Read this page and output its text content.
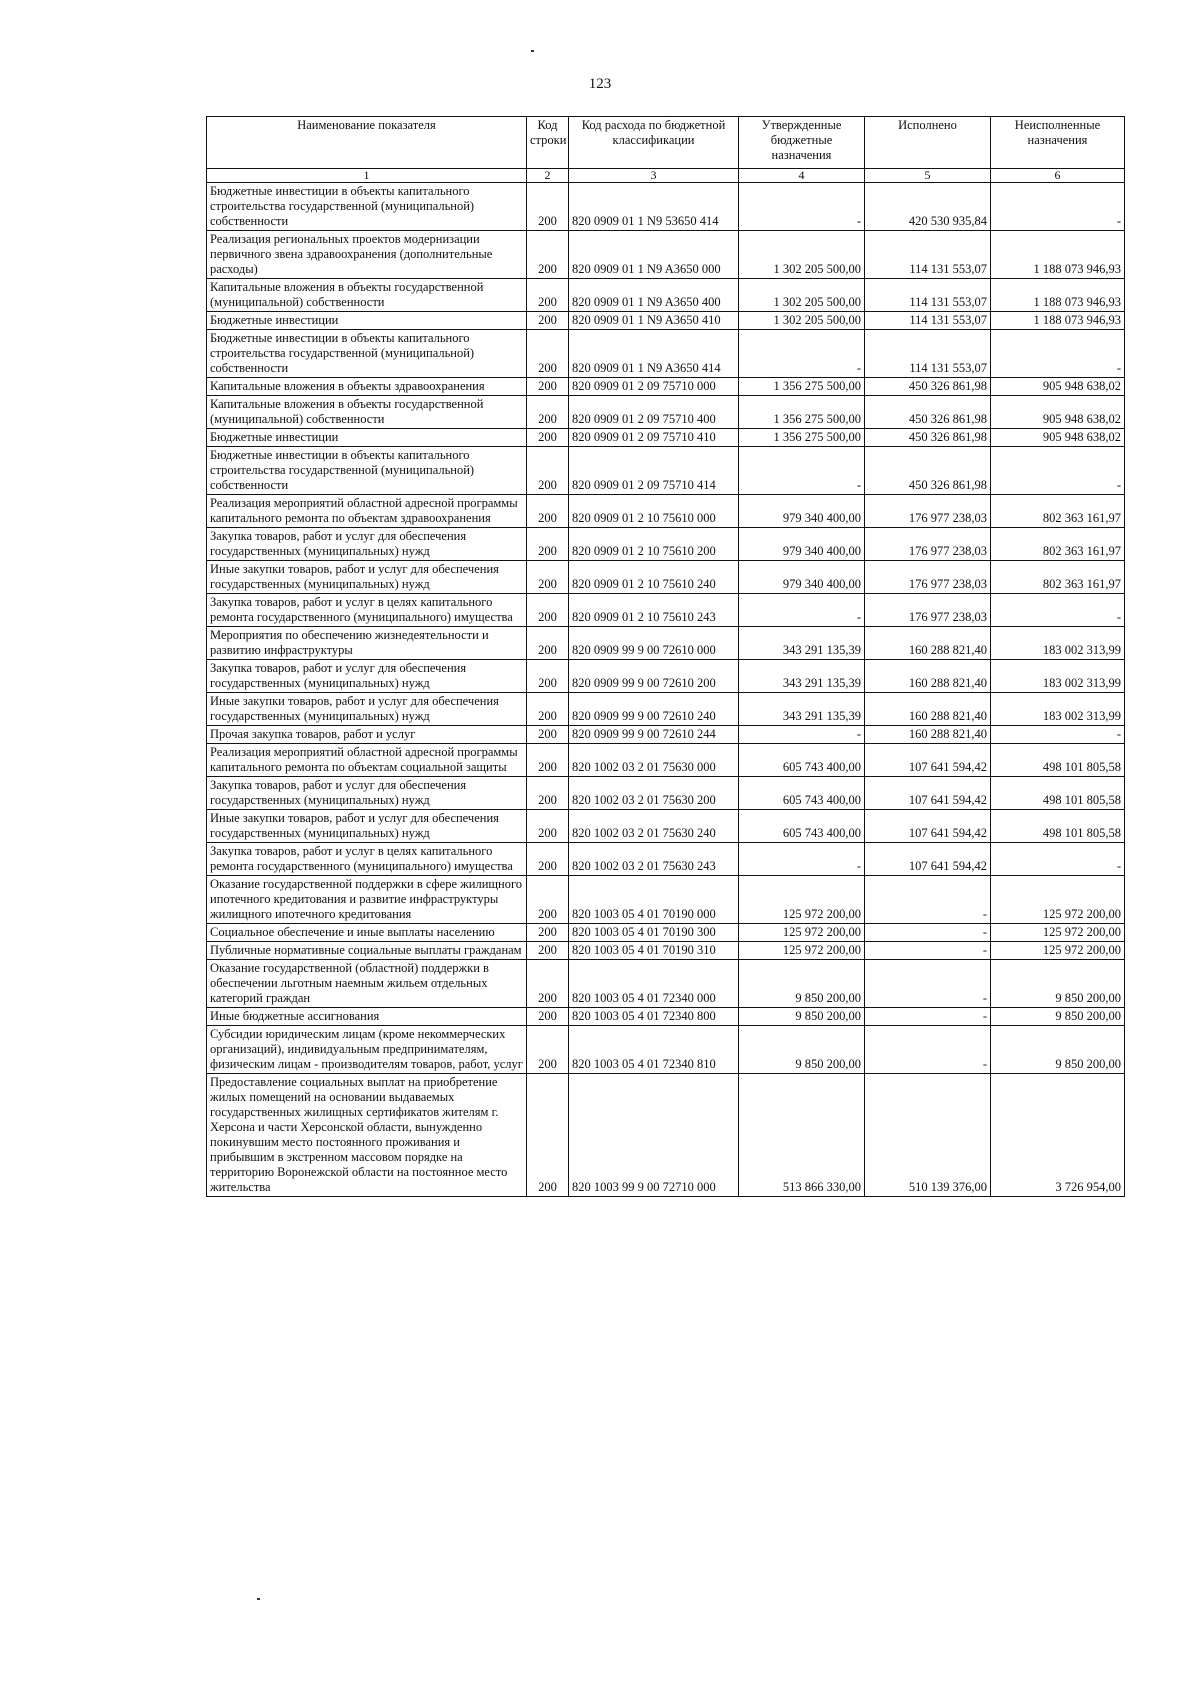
123
Наименование показателя	Код строки	Код расхода по бюджетной классификации	Утвержденные бюджетные назначения	Исполнено	Неисполненные назначения
1	2	3	4	5	6
Бюджетные инвестиции в объекты капитального строительства государственной (муниципальной) собственности	200	820 0909 01 1 N9 53650 414	-	420 530 935,84	-
Реализация региональных проектов модернизации первичного звена здравоохранения (дополнительные расходы)	200	820 0909 01 1 N9 A3650 000	1 302 205 500,00	114 131 553,07	1 188 073 946,93
Капитальные вложения в объекты государственной (муниципальной) собственности	200	820 0909 01 1 N9 A3650 400	1 302 205 500,00	114 131 553,07	1 188 073 946,93
Бюджетные инвестиции	200	820 0909 01 1 N9 A3650 410	1 302 205 500,00	114 131 553,07	1 188 073 946,93
Бюджетные инвестиции в объекты капитального строительства государственной (муниципальной) собственности	200	820 0909 01 1 N9 A3650 414	-	114 131 553,07	-
Капитальные вложения в объекты здравоохранения	200	820 0909 01 2 09 75710 000	1 356 275 500,00	450 326 861,98	905 948 638,02
Капитальные вложения в объекты государственной (муниципальной) собственности	200	820 0909 01 2 09 75710 400	1 356 275 500,00	450 326 861,98	905 948 638,02
Бюджетные инвестиции	200	820 0909 01 2 09 75710 410	1 356 275 500,00	450 326 861,98	905 948 638,02
Бюджетные инвестиции в объекты капитального строительства государственной (муниципальной) собственности	200	820 0909 01 2 09 75710 414	-	450 326 861,98	-
Реализация мероприятий областной адресной программы капитального ремонта по объектам здравоохранения	200	820 0909 01 2 10 75610 000	979 340 400,00	176 977 238,03	802 363 161,97
Закупка товаров, работ и услуг для обеспечения государственных (муниципальных) нужд	200	820 0909 01 2 10 75610 200	979 340 400,00	176 977 238,03	802 363 161,97
Иные закупки товаров, работ и услуг для обеспечения государственных (муниципальных) нужд	200	820 0909 01 2 10 75610 240	979 340 400,00	176 977 238,03	802 363 161,97
Закупка товаров, работ и услуг в целях капитального ремонта государственного (муниципального) имущества	200	820 0909 01 2 10 75610 243	-	176 977 238,03	-
Мероприятия по обеспечению жизнедеятельности и развитию инфраструктуры	200	820 0909 99 9 00 72610 000	343 291 135,39	160 288 821,40	183 002 313,99
Закупка товаров, работ и услуг для обеспечения государственных (муниципальных) нужд	200	820 0909 99 9 00 72610 200	343 291 135,39	160 288 821,40	183 002 313,99
Иные закупки товаров, работ и услуг для обеспечения государственных (муниципальных) нужд	200	820 0909 99 9 00 72610 240	343 291 135,39	160 288 821,40	183 002 313,99
Прочая закупка товаров, работ и услуг	200	820 0909 99 9 00 72610 244	-	160 288 821,40	-
Реализация мероприятий областной адресной программы капитального ремонта по объектам социальной защиты	200	820 1002 03 2 01 75630 000	605 743 400,00	107 641 594,42	498 101 805,58
Закупка товаров, работ и услуг для обеспечения государственных (муниципальных) нужд	200	820 1002 03 2 01 75630 200	605 743 400,00	107 641 594,42	498 101 805,58
Иные закупки товаров, работ и услуг для обеспечения государственных (муниципальных) нужд	200	820 1002 03 2 01 75630 240	605 743 400,00	107 641 594,42	498 101 805,58
Закупка товаров, работ и услуг в целях капитального ремонта государственного (муниципального) имущества	200	820 1002 03 2 01 75630 243	-	107 641 594,42	-
Оказание государственной поддержки в сфере жилищного ипотечного кредитования и развитие инфраструктуры жилищного ипотечного кредитования	200	820 1003 05 4 01 70190 000	125 972 200,00	-	125 972 200,00
Социальное обеспечение и иные выплаты населению	200	820 1003 05 4 01 70190 300	125 972 200,00	-	125 972 200,00
Публичные нормативные социальные выплаты гражданам	200	820 1003 05 4 01 70190 310	125 972 200,00	-	125 972 200,00
Оказание государственной (областной) поддержки в обеспечении льготным наемным жильем отдельных категорий граждан	200	820 1003 05 4 01 72340 000	9 850 200,00	-	9 850 200,00
Иные бюджетные ассигнования	200	820 1003 05 4 01 72340 800	9 850 200,00	-	9 850 200,00
Субсидии юридическим лицам (кроме некоммерческих организаций), индивидуальным предпринимателям, физическим лицам - производителям товаров, работ, услуг	200	820 1003 05 4 01 72340 810	9 850 200,00	-	9 850 200,00
Предоставление социальных выплат на приобретение жилых помещений на основании выдаваемых государственных жилищных сертификатов жителям г. Херсона и части Херсонской области, вынужденно покинувшим место постоянного проживания и прибывшим в экстренном массовом порядке на территорию Воронежской области на постоянное место жительства	200	820 1003 99 9 00 72710 000	513 866 330,00	510 139 376,00	3 726 954,00
